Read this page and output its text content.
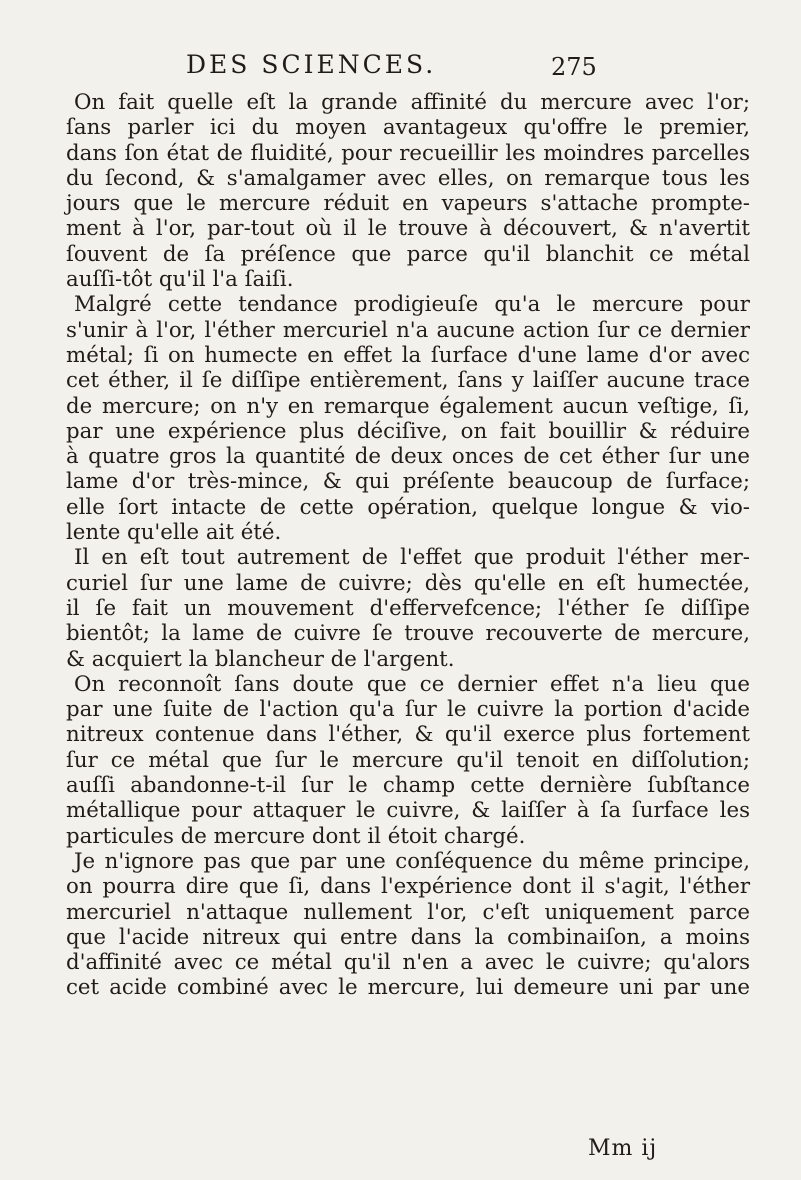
DES SCIENCES.	275

On fait quelle eſt la grande affinité du mercure avec l'or;
ſans parler ici du moyen avantageux qu'offre le premier,
dans ſon état de fluidité, pour recueillir les moindres parcelles
du ſecond, & s'amalgamer avec elles, on remarque tous les
jours que le mercure réduit en vapeurs s'attache prompte-
ment à l'or, par-tout où il le trouve à découvert, & n'avertit
ſouvent de ſa préſence que parce qu'il blanchit ce métal
auſſi-tôt qu'il l'a ſaiſi.

Malgré cette tendance prodigieuſe qu'a le mercure pour
s'unir à l'or, l'éther mercuriel n'a aucune action ſur ce dernier
métal; ſi on humecte en effet la ſurface d'une lame d'or avec
cet éther, il ſe diſſipe entièrement, ſans y laiſſer aucune trace
de mercure; on n'y en remarque également aucun veſtige, ſi,
par une expérience plus déciſive, on fait bouillir & réduire
à quatre gros la quantité de deux onces de cet éther ſur une
lame d'or très-mince, & qui préſente beaucoup de ſurface;
elle ſort intacte de cette opération, quelque longue & vio-
lente qu'elle ait été.

Il en eſt tout autrement de l'effet que produit l'éther mer-
curiel ſur une lame de cuivre; dès qu'elle en eſt humectée,
il ſe fait un mouvement d'effervefcence; l'éther ſe diſſipe
bientôt; la lame de cuivre ſe trouve recouverte de mercure,
& acquiert la blancheur de l'argent.

On reconnoît ſans doute que ce dernier effet n'a lieu que
par une ſuite de l'action qu'a ſur le cuivre la portion d'acide
nitreux contenue dans l'éther, & qu'il exerce plus fortement
ſur ce métal que ſur le mercure qu'il tenoit en diſſolution;
auſſi abandonne-t-il ſur le champ cette dernière ſubſtance
métallique pour attaquer le cuivre, & laiſſer à ſa ſurface les
particules de mercure dont il étoit chargé.

Je n'ignore pas que par une conſéquence du même principe,
on pourra dire que ſi, dans l'expérience dont il s'agit, l'éther
mercuriel n'attaque nullement l'or, c'eſt uniquement parce
que l'acide nitreux qui entre dans la combinaiſon, a moins
d'affinité avec ce métal qu'il n'en a avec le cuivre; qu'alors
cet acide combiné avec le mercure, lui demeure uni par une

Mm ij
